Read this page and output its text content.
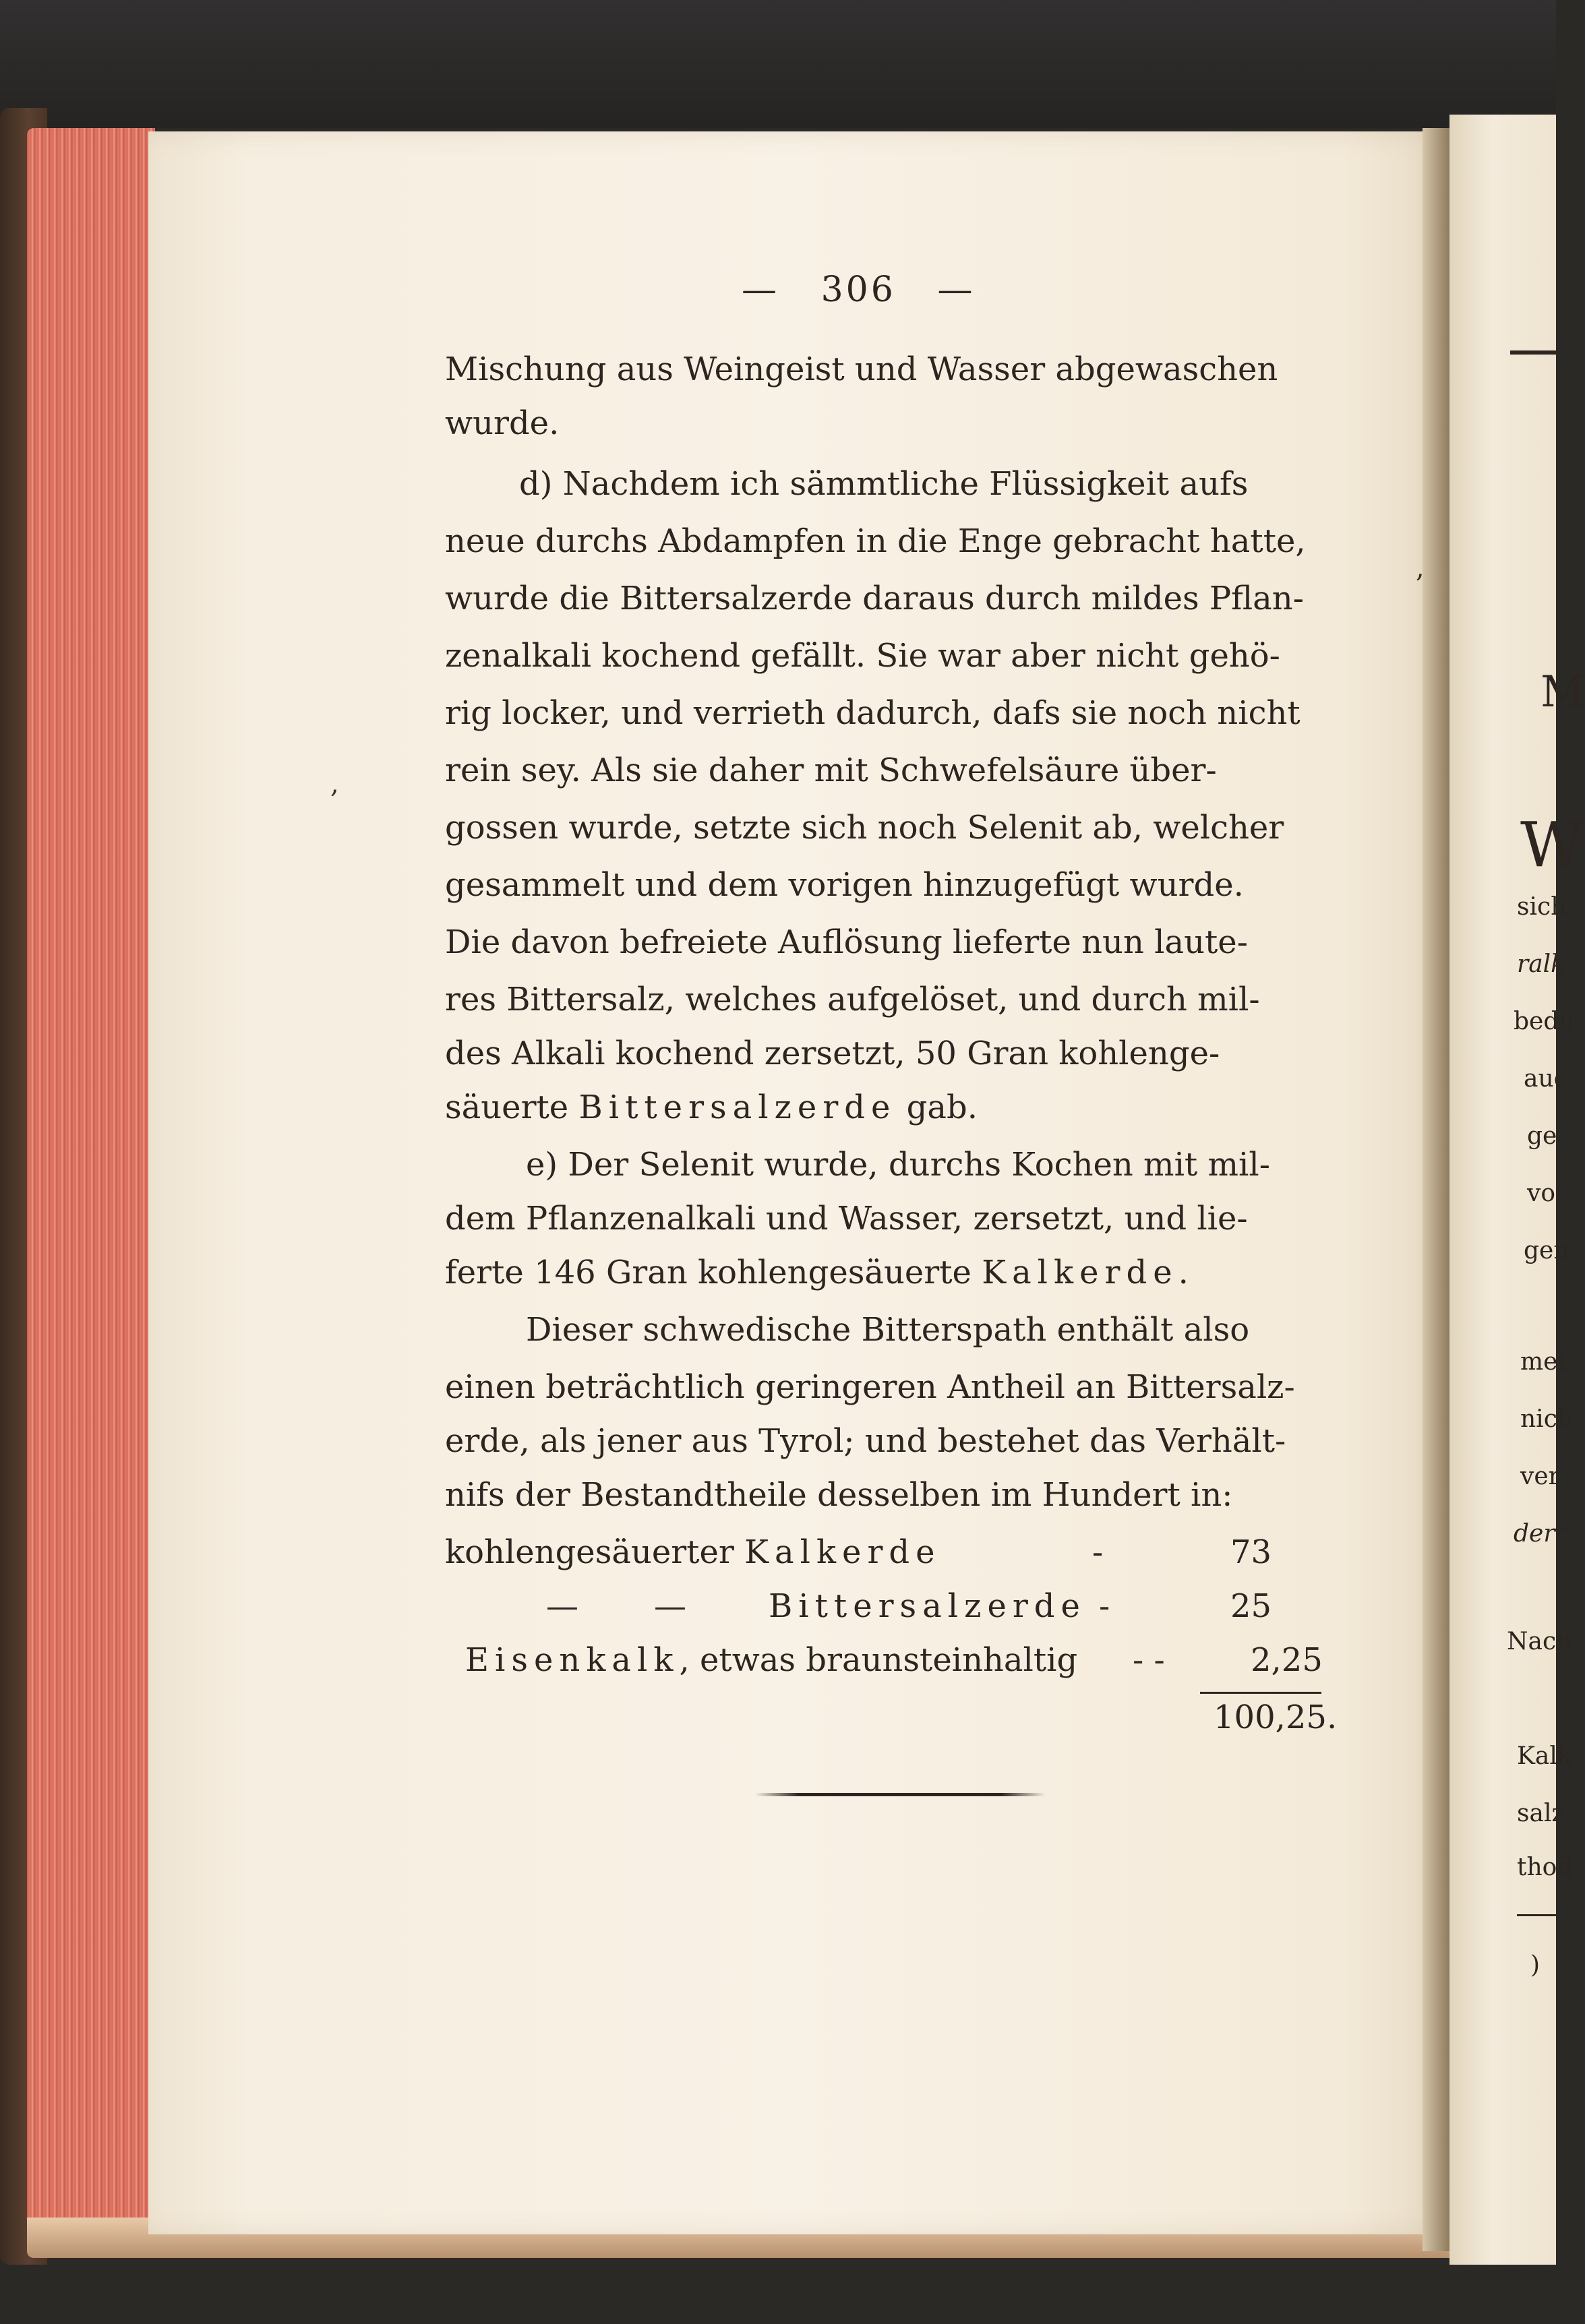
— 306 —
Mischung aus Weingeist und Wasser abgewaschen
wurde.
d) Nachdem ich sämmtliche Flüssigkeit aufs
neue durchs Abdampfen in die Enge gebracht hatte,
wurde die Bittersalzerde daraus durch mildes Pflan-
zenalkali kochend gefällt. Sie war aber nicht gehö-
rig locker, und verrieth dadurch, dafs sie noch nicht
rein sey. Als sie daher mit Schwefelsäure über-
gossen wurde, setzte sich noch Selenit ab, welcher
gesammelt und dem vorigen hinzugefügt wurde.
Die davon befreiete Auflösung lieferte nun laute-
res Bittersalz, welches aufgelöset, und durch mil-
des Alkali kochend zersetzt, 50 Gran kohlenge-
säuerte Bittersalzerde gab.
e) Der Selenit wurde, durchs Kochen mit mil-
dem Pflanzenalkali und Wasser, zersetzt, und lie-
ferte 146 Gran kohlengesäuerte Kalkerde.
Dieser schwedische Bitterspath enthält also
einen beträchtlich geringeren Antheil an Bittersalz-
erde, als jener aus Tyrol; und bestehet das Verhält-
nifs der Bestandtheile desselben im Hundert in:
kohlengesäuerter Kalkerde	-	73
— —	Bittersalzerde -	25
Eisenkalk, etwas braunsteinhaltig - -	2,25
100,25.
,
,
M
W
sich
ralk
bedü
auc
ge
vol
gen
mei
nich
ver
derr
Nach
Kalk
salz
thod
)
